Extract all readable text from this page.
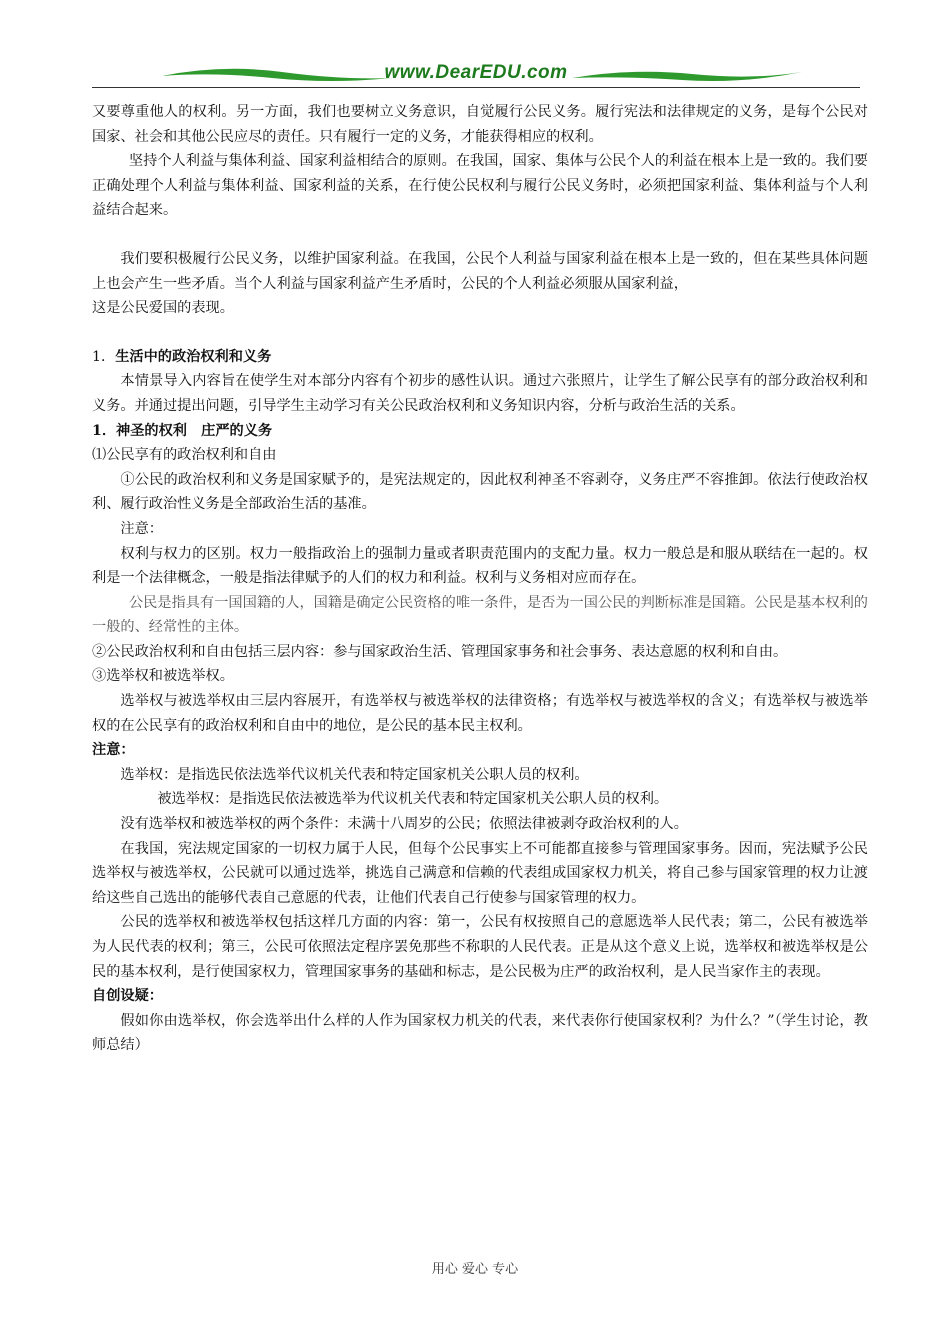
www.DearEDU.com

又要尊重他人的权利。另一方面，我们也要树立义务意识，自觉履行公民义务。履行宪法和法律规定的义务，是每个公民对国家、社会和其他公民应尽的责任。只有履行一定的义务，才能获得相应的权利。

坚持个人利益与集体利益、国家利益相结合的原则。在我国，国家、集体与公民个人的利益在根本上是一致的。我们要正确处理个人利益与集体利益、国家利益的关系，在行使公民权利与履行公民义务时，必须把国家利益、集体利益与个人利益结合起来。

我们要积极履行公民义务，以维护国家利益。在我国，公民个人利益与国家利益在根本上是一致的，但在某些具体问题上也会产生一些矛盾。当个人利益与国家利益产生矛盾时，公民的个人利益必须服从国家利益，

这是公民爱国的表现。

1．生活中的政治权利和义务

本情景导入内容旨在使学生对本部分内容有个初步的感性认识。通过六张照片，让学生了解公民享有的部分政治权利和义务。并通过提出问题，引导学生主动学习有关公民政治权利和义务知识内容，分析与政治生活的关系。

1．神圣的权利　庄严的义务

⑴公民享有的政治权利和自由

①公民的政治权利和义务是国家赋予的，是宪法规定的，因此权利神圣不容剥夺，义务庄严不容推卸。依法行使政治权利、履行政治性义务是全部政治生活的基准。

注意：

权利与权力的区别。权力一般指政治上的强制力量或者职责范围内的支配力量。权力一般总是和服从联结在一起的。权利是一个法律概念，一般是指法律赋予的人们的权力和利益。权利与义务相对应而存在。

公民是指具有一国国籍的人，国籍是确定公民资格的唯一条件，是否为一国公民的判断标准是国籍。公民是基本权利的一般的、经常性的主体。

②公民政治权利和自由包括三层内容：参与国家政治生活、管理国家事务和社会事务、表达意愿的权利和自由。

③选举权和被选举权。

选举权与被选举权由三层内容展开，有选举权与被选举权的法律资格；有选举权与被选举权的含义；有选举权与被选举权的在公民享有的政治权利和自由中的地位，是公民的基本民主权利。

注意：

选举权：是指选民依法选举代议机关代表和特定国家机关公职人员的权利。

被选举权：是指选民依法被选举为代议机关代表和特定国家机关公职人员的权利。

没有选举权和被选举权的两个条件：未满十八周岁的公民；依照法律被剥夺政治权利的人。

在我国，宪法规定国家的一切权力属于人民，但每个公民事实上不可能都直接参与管理国家事务。因而，宪法赋予公民选举权与被选举权，公民就可以通过选举，挑选自己满意和信赖的代表组成国家权力机关，将自己参与国家管理的权力让渡给这些自己选出的能够代表自己意愿的代表，让他们代表自己行使参与国家管理的权力。

公民的选举权和被选举权包括这样几方面的内容：第一，公民有权按照自己的意愿选举人民代表；第二，公民有被选举为人民代表的权利；第三，公民可依照法定程序罢免那些不称职的人民代表。正是从这个意义上说，选举权和被选举权是公民的基本权利，是行使国家权力，管理国家事务的基础和标志，是公民极为庄严的政治权利，是人民当家作主的表现。

自创设疑：

假如你由选举权，你会选举出什么样的人作为国家权力机关的代表，来代表你行使国家权利？为什么？”（学生讨论，教师总结）

用心 爱心 专心
